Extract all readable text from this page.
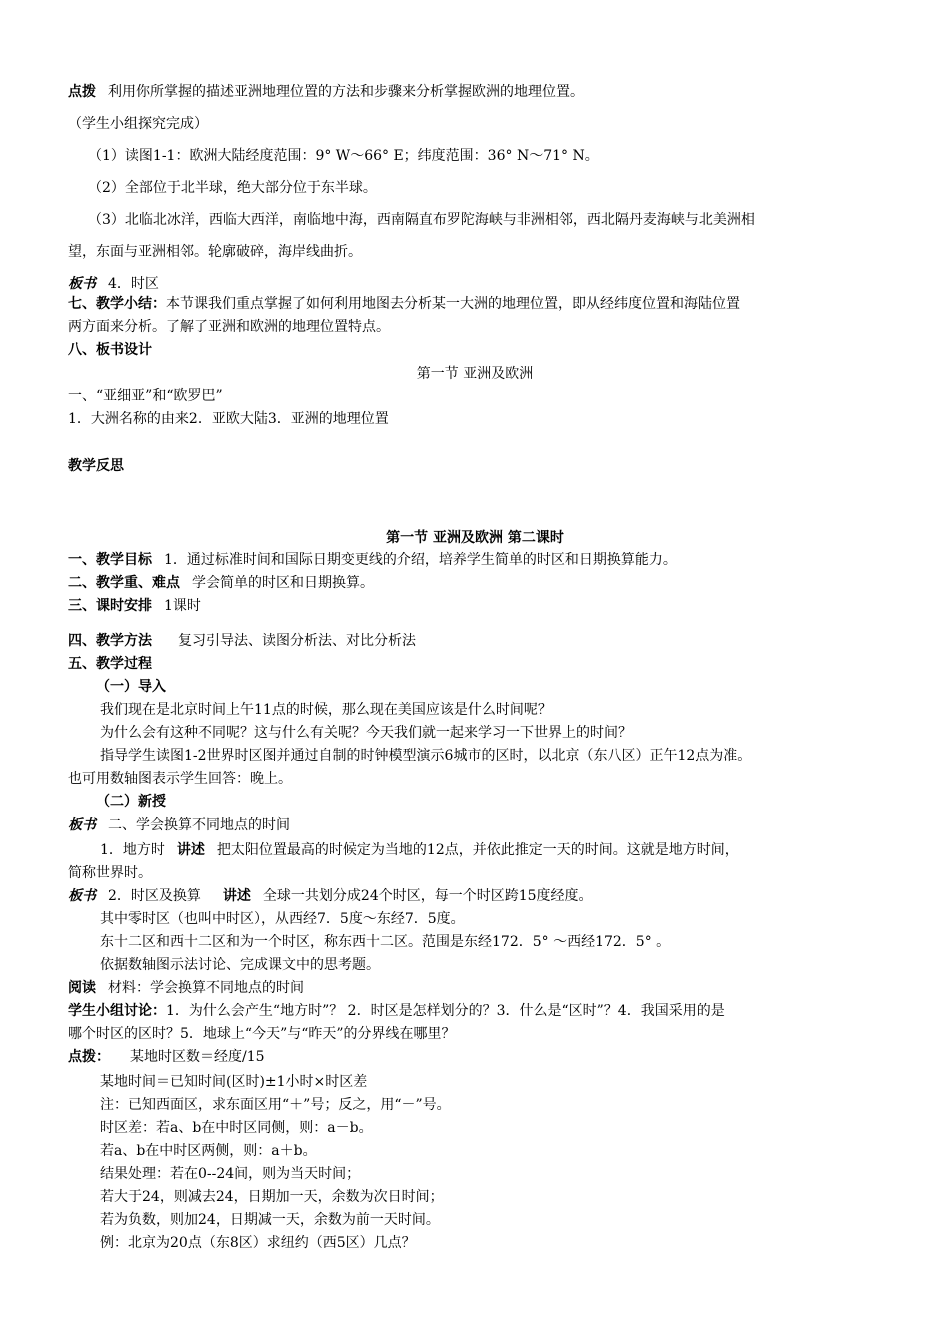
点拨 利用你所掌握的描述亚洲地理位置的方法和步骤来分析掌握欧洲的地理位置。
（学生小组探究完成）
（1）读图1-1：欧洲大陆经度范围：9° W～66° E；纬度范围：36° N～71° N。
（2）全部位于北半球，绝大部分位于东半球。
（3）北临北冰洋，西临大西洋，南临地中海，西南隔直布罗陀海峡与非洲相邻，西北隔丹麦海峡与北美洲相
望，东面与亚洲相邻。轮廓破碎，海岸线曲折。
板书 4．时区
七、教学小结：本节课我们重点掌握了如何利用地图去分析某一大洲的地理位置，即从经纬度位置和海陆位置
两方面来分析。了解了亚洲和欧洲的地理位置特点。
八、板书设计
第一节 亚洲及欧洲
一、“亚细亚”和“欧罗巴”
1．大洲名称的由来2．亚欧大陆3．亚洲的地理位置
教学反思
第一节 亚洲及欧洲 第二课时
一、教学目标 1．通过标准时间和国际日期变更线的介绍，培养学生简单的时区和日期换算能力。
二、教学重、难点 学会简单的时区和日期换算。
三、课时安排 1课时
四、教学方法 复习引导法、读图分析法、对比分析法
五、教学过程
（一）导入
我们现在是北京时间上午11点的时候，那么现在美国应该是什么时间呢？
为什么会有这种不同呢？这与什么有关呢？今天我们就一起来学习一下世界上的时间？
指导学生读图1-2世界时区图并通过自制的时钟模型演示6城市的区时，以北京（东八区）正午12点为准。
也可用数轴图表示学生回答：晚上。
（二）新授
板书 二、学会换算不同地点的时间
1．地方时 讲述 把太阳位置最高的时候定为当地的12点，并依此推定一天的时间。这就是地方时间，
简称世界时。
板书 2．时区及换算 讲述 全球一共划分成24个时区，每一个时区跨15度经度。
其中零时区（也叫中时区），从西经7．5度～东经7．5度。
东十二区和西十二区和为一个时区，称东西十二区。范围是东经172．5° ～西经172．5° 。
依据数轴图示法讨论、完成课文中的思考题。
阅读 材料：学会换算不同地点的时间
学生小组讨论：1．为什么会产生“地方时”？ 2．时区是怎样划分的？3．什么是“区时”？4．我国采用的是
哪个时区的区时？5．地球上“今天”与“昨天”的分界线在哪里？
点拨： 某地时区数＝经度/15
某地时间＝已知时间(区时)±1小时×时区差
注：已知西面区，求东面区用“＋”号；反之，用“－”号。
时区差：若a、b在中时区同侧，则：a－b。
若a、b在中时区两侧，则：a＋b。
结果处理：若在0--24间，则为当天时间；
若大于24，则减去24，日期加一天，余数为次日时间；
若为负数，则加24，日期减一天，余数为前一天时间。
例：北京为20点（东8区）求纽约（西5区）几点？
